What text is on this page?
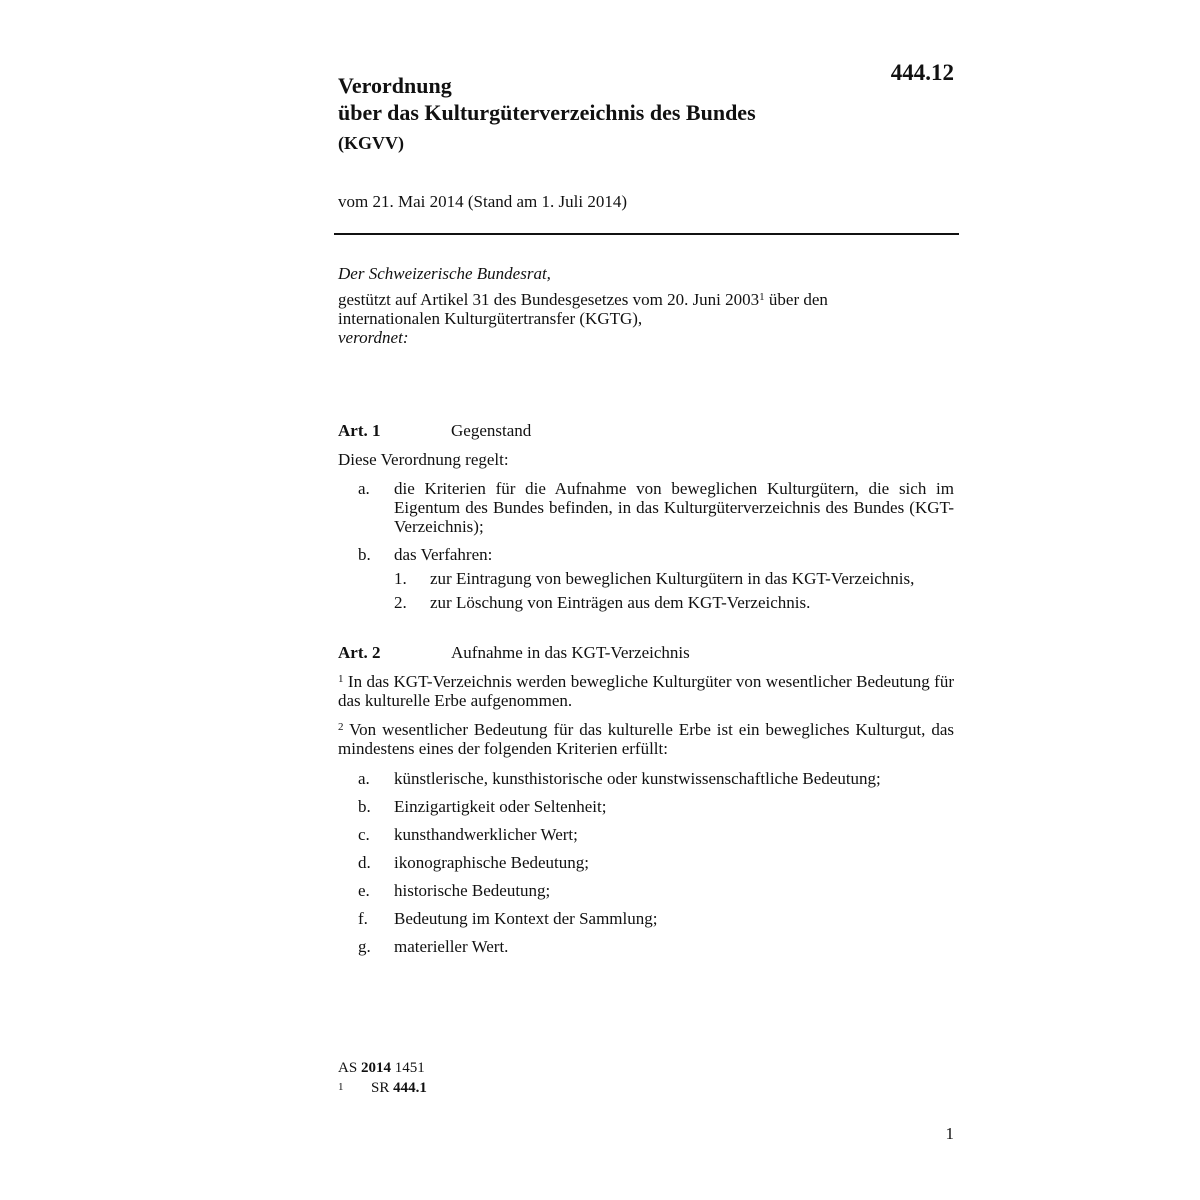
444.12
Verordnung
über das Kulturgüterverzeichnis des Bundes
(KGVV)
vom 21. Mai 2014 (Stand am 1. Juli 2014)
Der Schweizerische Bundesrat,
gestützt auf Artikel 31 des Bundesgesetzes vom 20. Juni 2003$^1$ über den
internationalen Kulturgütertransfer (KGTG),
verordnet:
Art. 1	Gegenstand
Diese Verordnung regelt:
a. die Kriterien für die Aufnahme von beweglichen Kulturgütern, die sich im Eigentum des Bundes befinden, in das Kulturgüterverzeichnis des Bundes (KGT-Verzeichnis);
b. das Verfahren:
1. zur Eintragung von beweglichen Kulturgütern in das KGT-Verzeichnis,
2. zur Löschung von Einträgen aus dem KGT-Verzeichnis.
Art. 2	Aufnahme in das KGT-Verzeichnis
$^1$ In das KGT-Verzeichnis werden bewegliche Kulturgüter von wesentlicher Bedeutung für das kulturelle Erbe aufgenommen.
$^2$ Von wesentlicher Bedeutung für das kulturelle Erbe ist ein bewegliches Kulturgut, das mindestens eines der folgenden Kriterien erfüllt:
a. künstlerische, kunsthistorische oder kunstwissenschaftliche Bedeutung;
b. Einzigartigkeit oder Seltenheit;
c. kunsthandwerklicher Wert;
d. ikonographische Bedeutung;
e. historische Bedeutung;
f. Bedeutung im Kontext der Sammlung;
g. materieller Wert.
AS 2014 1451
1 SR 444.1
1
